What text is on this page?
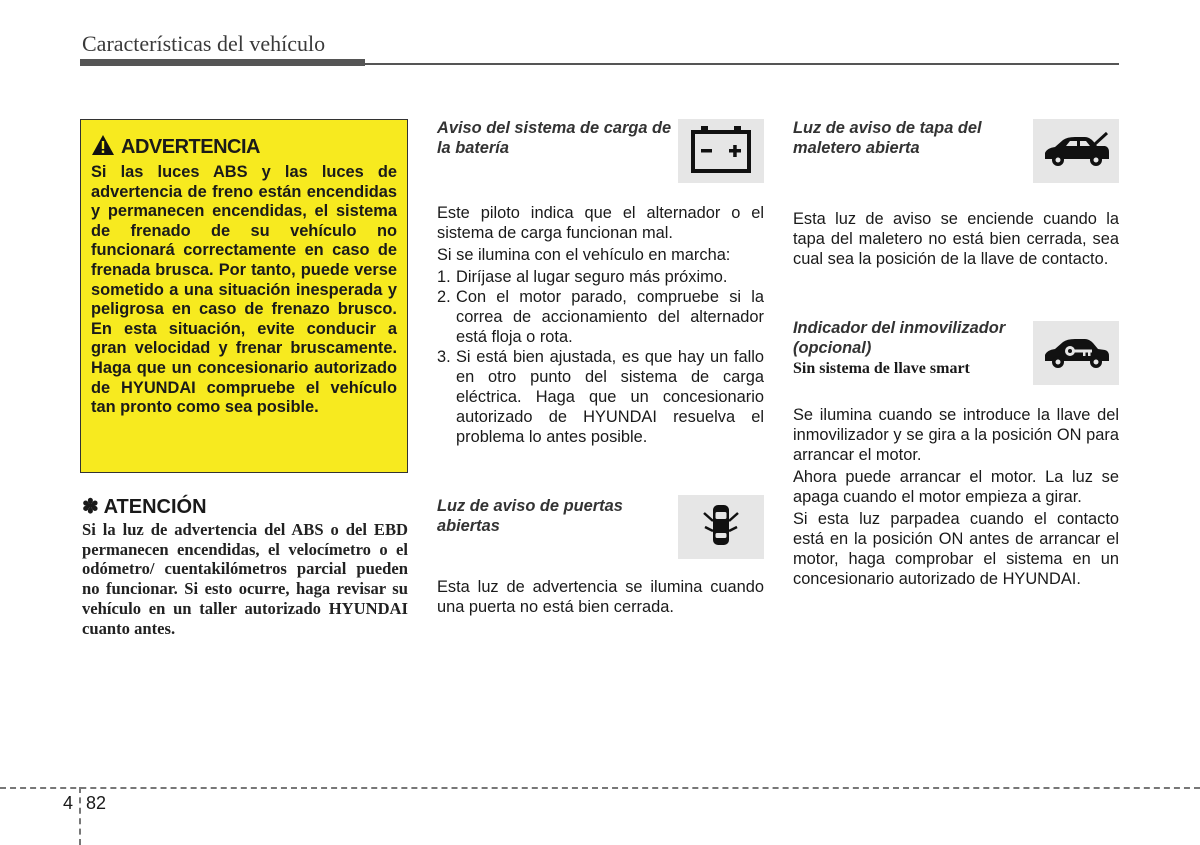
Características del vehículo
ADVERTENCIA
Si las luces ABS y las luces de advertencia de freno están encendidas y permanecen encendidas, el sistema de frenado de su vehículo no funcionará correctamente en caso de frenada brusca. Por tanto, puede verse sometido a una situación inesperada y peligrosa en caso de frenazo brusco. En esta situación, evite conducir a gran velocidad y frenar bruscamente. Haga que un concesionario autorizado de HYUNDAI compruebe el vehículo tan pronto como sea posible.
✽ ATENCIÓN
Si la luz de advertencia del ABS o del EBD permanecen encendidas, el velocímetro o el odómetro/ cuentakilómetros parcial pueden no funcionar. Si esto ocurre, haga revisar su vehículo en un taller autorizado HYUNDAI cuanto antes.
Aviso del sistema de carga de la batería

Este piloto indica que el alternador o el sistema de carga funcionan mal.

Si se ilumina con el vehículo en marcha:

1. Diríjase al lugar seguro más próximo.
2. Con el motor parado, compruebe si la correa de accionamiento del alternador está floja o rota.
3. Si está bien ajustada, es que hay un fallo en otro punto del sistema de carga eléctrica. Haga que un concesionario autorizado de HYUNDAI resuelva el problema lo antes posible.
Luz de aviso de puertas abiertas
Esta luz de advertencia se ilumina cuando una puerta no está bien cerrada.
Luz de aviso de tapa del maletero abierta
Esta luz de aviso se enciende cuando la tapa del maletero no está bien cerrada, sea cual sea la posición de la llave de contacto.
Indicador del inmovilizador (opcional)
Sin sistema de llave smart

Se ilumina cuando se introduce la llave del inmovilizador y se gira a la posición ON para arrancar el motor.

Ahora puede arrancar el motor. La luz se apaga cuando el motor empieza a girar.

Si esta luz parpadea cuando el contacto está en la posición ON antes de arrancar el motor, haga comprobar el sistema en un concesionario autorizado de HYUNDAI.

4 82
